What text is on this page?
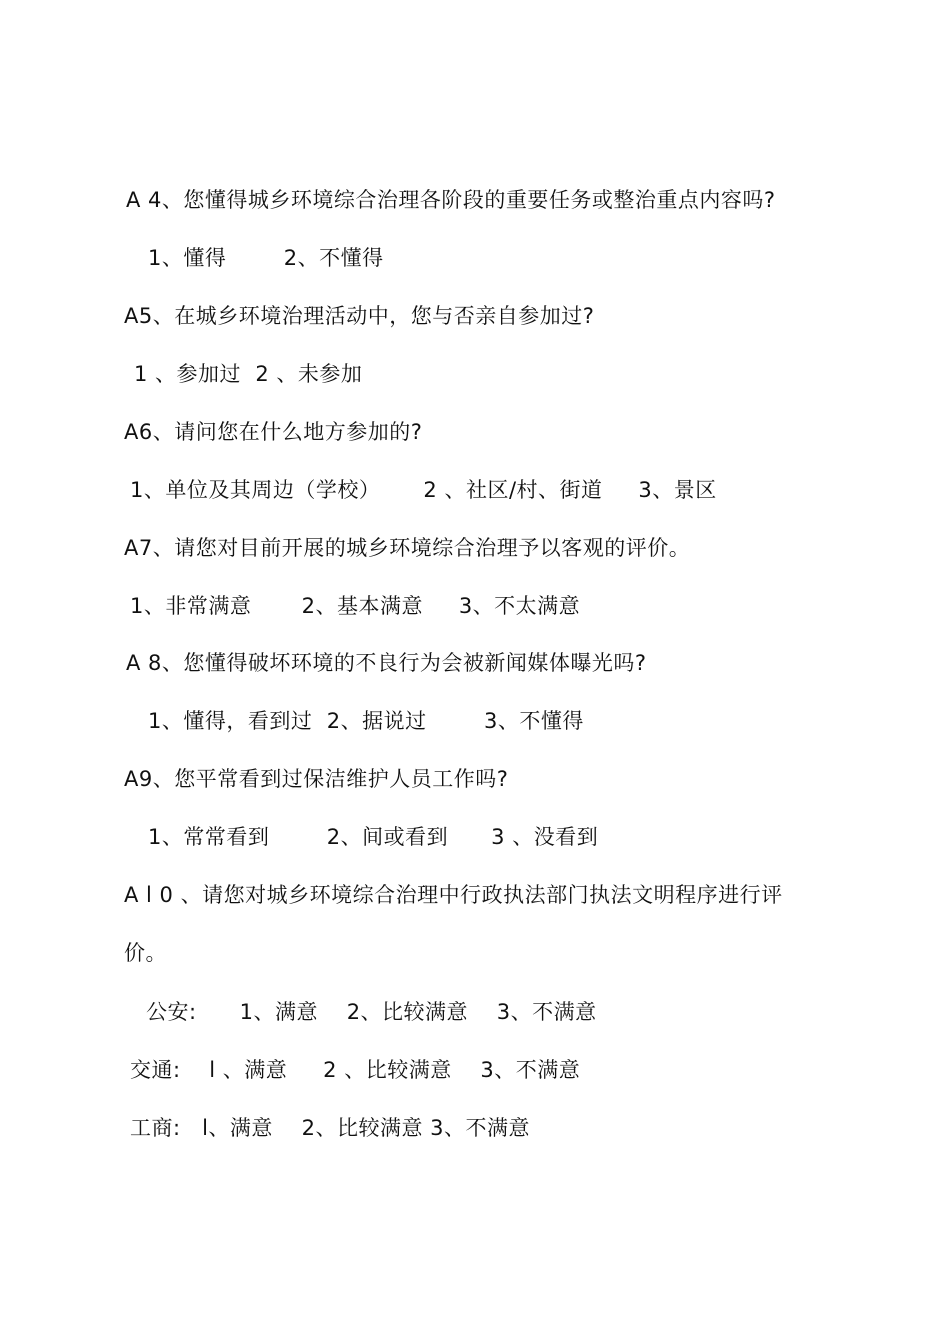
A 4、您懂得城乡环境综合治理各阶段的重要任务或整治重点内容吗?
1、懂得        2、不懂得
A5、在城乡环境治理活动中，您与否亲自参加过?
1 、参加过  2 、未参加
A6、请问您在什么地方参加的?
1、单位及其周边（学校）      2 、社区/村、街道     3、景区
A7、请您对目前开展的城乡环境综合治理予以客观的评价。
1、非常满意       2、基本满意     3、不太满意
A 8、您懂得破坏环境的不良行为会被新闻媒体曝光吗?
1、懂得，看到过  2、据说过        3、不懂得
A9、您平常看到过保洁维护人员工作吗?
1、常常看到        2、间或看到      3 、没看到
A l 0 、请您对城乡环境综合治理中行政执法部门执法文明程序进行评
价。
公安:      1、满意    2、比较满意    3、不满意
交通:    l 、满意     2 、比较满意    3、不满意
工商:   l、满意    2、比较满意 3、不满意
